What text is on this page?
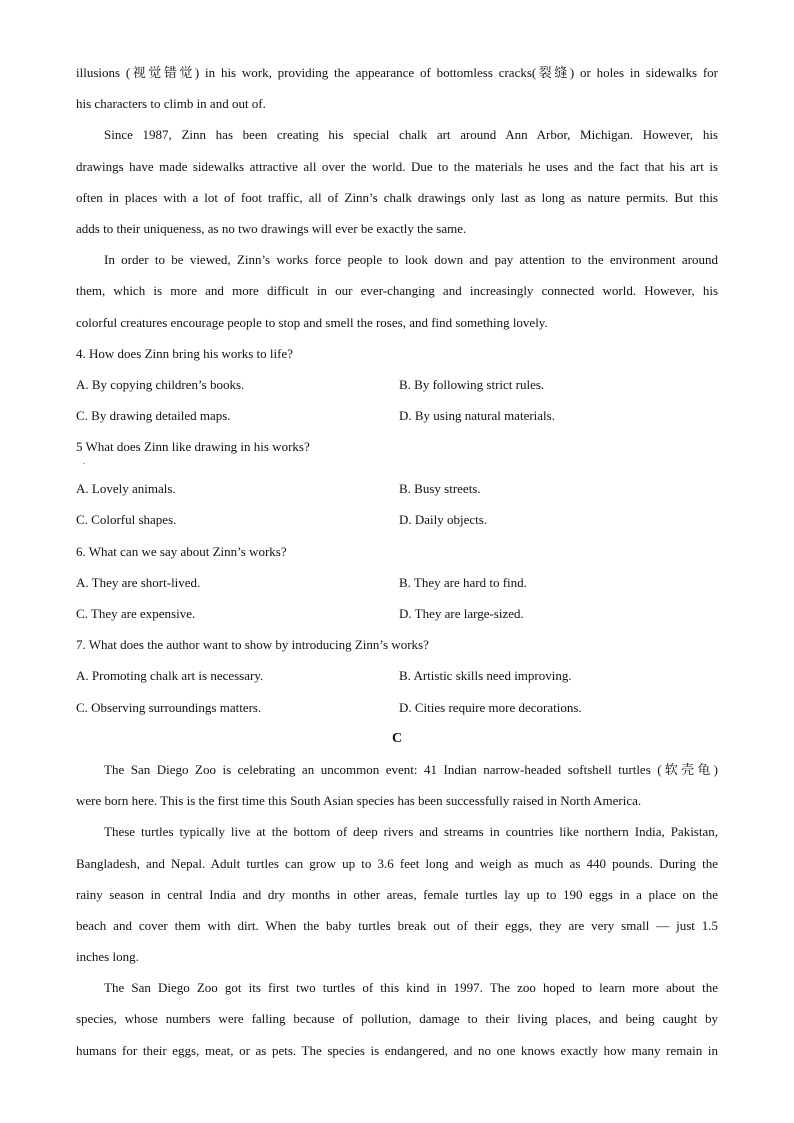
illusions (视觉错觉) in his work, providing the appearance of bottomless cracks(裂缝) or holes in sidewalks for
his characters to climb in and out of.
Since 1987, Zinn has been creating his special chalk art around Ann Arbor, Michigan. However, his
drawings have made sidewalks attractive all over the world. Due to the materials he uses and the fact that his art is
often in places with a lot of foot traffic, all of Zinn’s chalk drawings only last as long as nature permits. But this
adds to their uniqueness, as no two drawings will ever be exactly the same.
In order to be viewed, Zinn’s works force people to look down and pay attention to the environment around
them, which is more and more difficult in our ever-changing and increasingly connected world. However, his
colorful creatures encourage people to stop and smell the roses, and find something lovely.
4. How does Zinn bring his works to life?
A. By copying children’s books.	B. By following strict rules.
C. By drawing detailed maps.	D. By using natural materials.
5 What does Zinn like drawing in his works?
.
A. Lovely animals.	B. Busy streets.
C. Colorful shapes.	D. Daily objects.
6. What can we say about Zinn’s works?
A. They are short-lived.	B. They are hard to find.
C. They are expensive.	D. They are large-sized.
7. What does the author want to show by introducing Zinn’s works?
A. Promoting chalk art is necessary.	B. Artistic skills need improving.
C. Observing surroundings matters.	D. Cities require more decorations.
C
The San Diego Zoo is celebrating an uncommon event: 41 Indian narrow-headed softshell turtles (软壳龟)
were born here. This is the first time this South Asian species has been successfully raised in North America.
These turtles typically live at the bottom of deep rivers and streams in countries like northern India, Pakistan,
Bangladesh, and Nepal. Adult turtles can grow up to 3.6 feet long and weigh as much as 440 pounds. During the
rainy season in central India and dry months in other areas, female turtles lay up to 190 eggs in a place on the
beach and cover them with dirt. When the baby turtles break out of their eggs, they are very small — just 1.5
inches long.
The San Diego Zoo got its first two turtles of this kind in 1997. The zoo hoped to learn more about the
species, whose numbers were falling because of pollution, damage to their living places, and being caught by
humans for their eggs, meat, or as pets. The species is endangered, and no one knows exactly how many remain in
